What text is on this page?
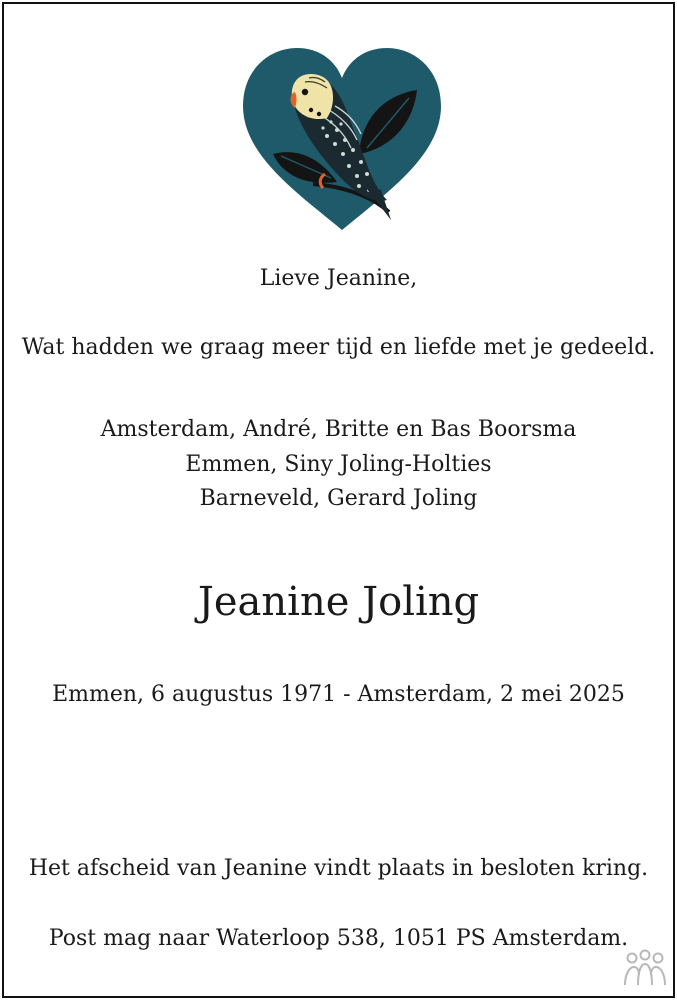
Lieve Jeanine,
Wat hadden we graag meer tijd en liefde met je gedeeld.
Amsterdam, André, Britte en Bas Boorsma
Emmen, Siny Joling-Holties
Barneveld, Gerard Joling
Jeanine Joling
Emmen, 6 augustus 1971 - Amsterdam, 2 mei 2025
Het afscheid van Jeanine vindt plaats in besloten kring.
Post mag naar Waterloop 538, 1051 PS Amsterdam.
